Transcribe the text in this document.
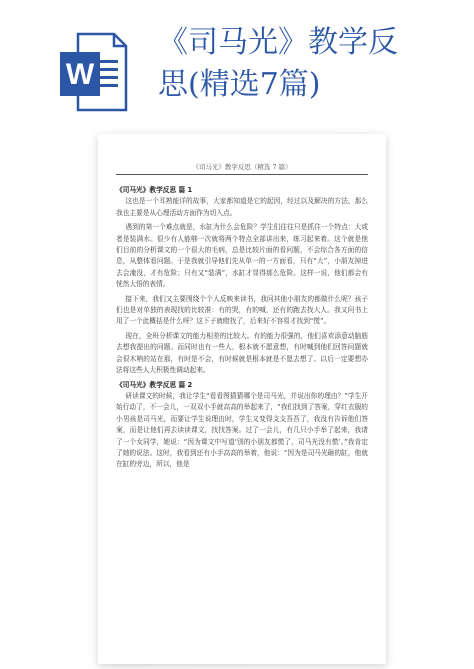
W
《司马光》教学反
思(精选7篇)
《司马光》教学反思（精选 7 篇）

《司马光》教学反思 篇 1

这也是一个耳熟能详的故事，大家都知道是它的起因，经过以及解决的方法。那么我也主要是从心理活动方面作为切入点。

遇到的第一个难点就是，水缸为什么会危险？学生们往往只是抓住一个特点：大或者是装满水。很少有人能够一次就将两个特点全部讲出来，练习起来着。这个就是他们目前的分析课文的一个很大的毛病，总是比较片面的看问题，不会综合各方面的信息，从整体看问题。于是我就引导他们先从单一的一方面看，只有“大”，小朋友掉进去会淹没，才有危险；只有又“装满”，水缸才显得那么危险。这样一说，他们都会有恍然大悟的表情。

接下来，我们又主要围绕个个人反映来读书，我问其他小朋友的都做什么呢？孩子们也是对单独的表现找的比较准：有的哭，有的喊，还有的跑去找大人。我又问书上用了一个此概括是什么呀？这下子就瞪找了，后来好不容易才找到“慌”。

现在，全班分析课文的能力相差的比较大。有的能力很强的，他们喜欢添意动脑筋去想我提出的问题。而同时也有一些人，根本就不愿意想，有时喊到他们回答问题就会很木呐的站在那，有时是不会，有时候就是根本就是不愿去想了。以后一定要想办法将这些人大积极性调动起来。

《司马光》教学反思 篇 2

研读课文的时候，我让学生“看看图猜猜哪个是司马光，并说出你的理由？”学生开始行动了，不一会儿，一双双小手就高高的举起来了，“我们找到了答案，穿红衣服的小男孩是司马光，而要让学生说理由时，学生又变得支支吾吾了，我没有告诉他们答案，而是让他们再去读读课文，找找答案。过了一会儿，有几只小手举了起来，我请了一个女同学，她说：“因为课文中写道‘别的小朋友都慌了，司马光没有慌’。”我肯定了她的说法。这时，我看到还有小手高高的举着，他说：“因为是司马光砸的缸，他就在缸的旁边，所以，他是
